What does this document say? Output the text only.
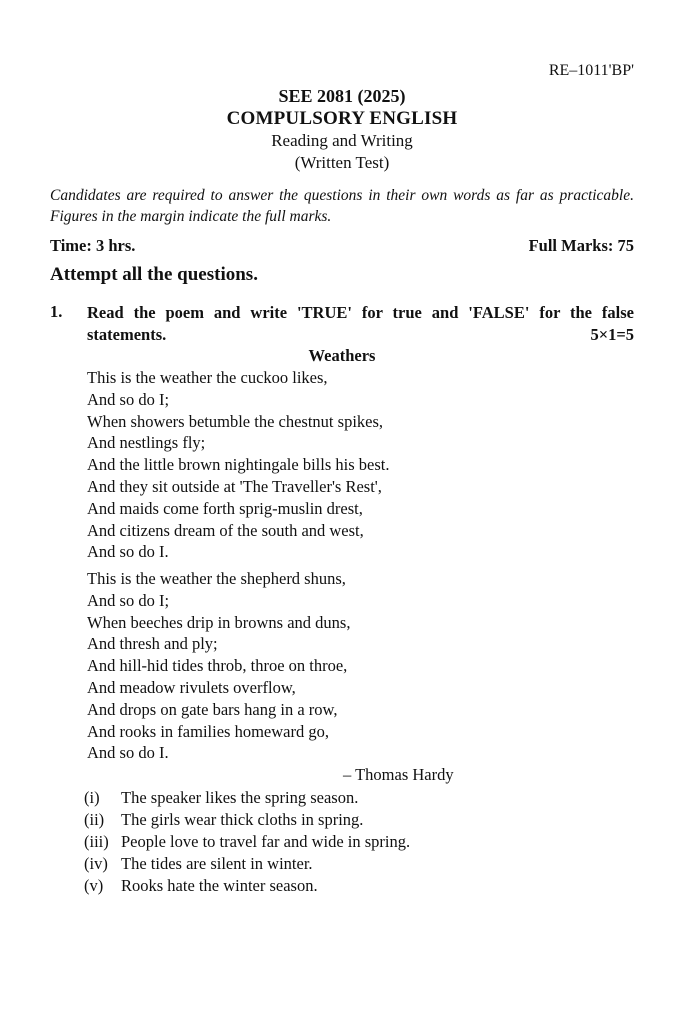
RE–1011'BP'
SEE 2081 (2025)
COMPULSORY ENGLISH
Reading and Writing
(Written Test)
Candidates are required to answer the questions in their own words as far as practicable. Figures in the margin indicate the full marks.
Time: 3 hrs.	Full Marks: 75
Attempt all the questions.
1. Read the poem and write 'TRUE' for true and 'FALSE' for the false
statements.	5×1=5
Weathers
This is the weather the cuckoo likes,
And so do I;
When showers betumble the chestnut spikes,
And nestlings fly;
And the little brown nightingale bills his best.
And they sit outside at 'The Traveller's Rest',
And maids come forth sprig-muslin drest,
And citizens dream of the south and west,
And so do I.
This is the weather the shepherd shuns,
And so do I;
When beeches drip in browns and duns,
And thresh and ply;
And hill-hid tides throb, throe on throe,
And meadow rivulets overflow,
And drops on gate bars hang in a row,
And rooks in families homeward go,
And so do I.
– Thomas Hardy
(i)	The speaker likes the spring season.
(ii)	The girls wear thick cloths in spring.
(iii) People love to travel far and wide in spring.
(iv) The tides are silent in winter.
(v)	Rooks hate the winter season.
